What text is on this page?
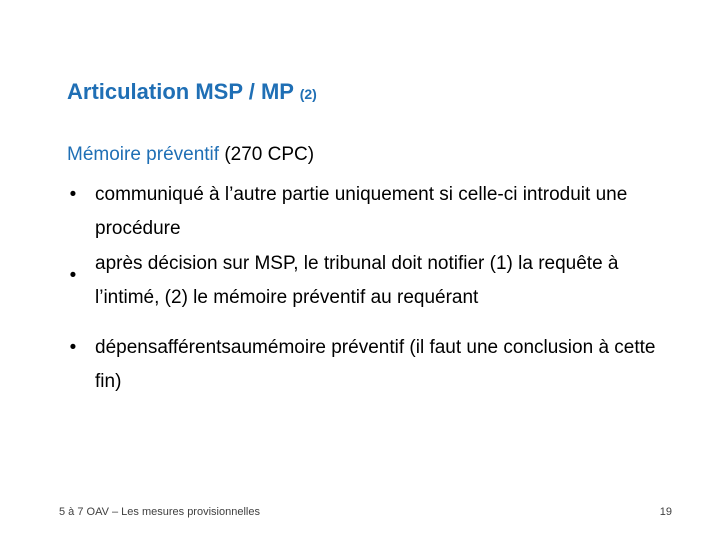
Articulation MSP / MP (2)
Mémoire préventif (270 CPC)
• communiqué à l’autre partie uniquement si celle-ci introduit une procédure
•
après décision sur MSP, le tribunal doit notifier (1) la requête à l’intimé, (2) le mémoire préventif au requérant
• dépensafférentsaumémoire préventif (il faut une conclusion à cette fin)
5 à 7 OAV – Les mesures provisionnelles	19
